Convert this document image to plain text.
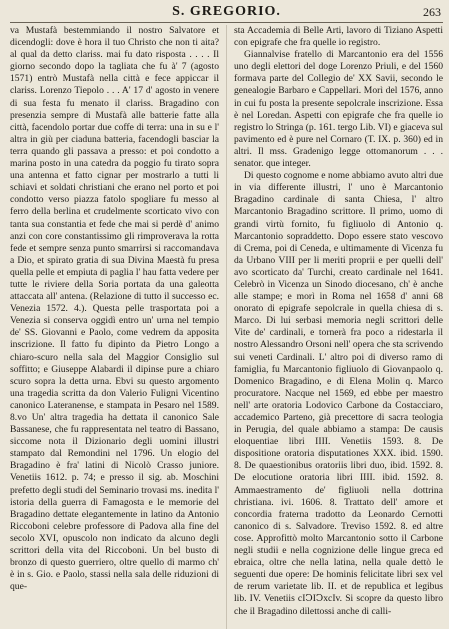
S. GREGORIO.	263

va Mustafà bestemmiando il nostro Salvatore et dicendogli: dove è hora il tuo Christo che non ti aita? al qual da detto clariss. mai fu dato risposta . . . . Il giorno secondo dopo la tagliata che fu à' 7 (agosto 1571) entrò Mustafà nella città e fece appiccar il clariss. Lorenzo Tiepolo . . . A' 17 d' agosto in venere di sua festa fu menato il clariss. Bragadino con presenzia sempre di Mustafà alle batterie fatte alla città, facendolo portar due coffe di terra: una in su e l' altra in giù per ciaduna batteria, facendogli basciar la terra quando gli passava a presso: et poi condotto a marina posto in una catedra da poggio fu tirato sopra una antenna et fatto cignar per mostrarlo a tutti li schiavi et soldati christiani che erano nel porto et poi condotto verso piazza fatolo spogliare fu messo al ferro della berlina et crudelmente scorticato vivo con tanta sua constantia et fede che mai si perdè d' animo anzi con core constantissimo gli rimproverava la rotta fede et sempre senza punto smarrirsi si raccomandava a Dio, et spirato gratia di sua Divina Maestà fu presa quella pelle et empiuta di paglia l' hau fatta vedere per tutte le riviere della Soria portata da una galeotta attaccata all' antena. (Relazione di tutto il successo ec. Venezia 1572. 4.). Questa pelle trasportata poi a Venezia si conserva oggidì entro un' urna nel tempio de' SS. Giovanni e Paolo, come vedrem da apposita inscrizione. Il fatto fu dipinto da Pietro Longo a chiaro-scuro nella sala del Maggior Consiglio sul soffitto; e Giuseppe Alabardi il dipinse pure a chiaro scuro sopra la detta urna. Ebvi su questo argomento una tragedia scritta da don Valerio Fuligni Vicentino canonico Lateranense, e stampata in Pesaro nel 1589. 8.vo Un' altra tragedia ha dettata il canonico Sale Bassanese, che fu rappresentata nel teatro di Bassano, siccome nota il Dizionario degli uomini illustri stampato dal Remondini nel 1796. Un elogio del Bragadino è fra' latini di Nicolò Crasso juniore. Venetiis 1612. p. 74; e presso il sig. ab. Moschini prefetto degli studi del Seminario trovasi ms. inedita l' istoria della guerra di Famagosta e le memorie del Bragadino dettate elegantemente in latino da Antonio Riccoboni celebre professore di Padova alla fine del secolo XVI, opuscolo non indicato da alcuno degli scrittori della vita del Riccoboni. Un bel busto di bronzo di questo guerriero, oltre quello di marmo ch' è in s. Gio. e Paolo, stassi nella sala delle riduzioni di que-

sta Accademia di Belle Arti, lavoro di Tiziano Aspetti con epigrafe che fra quelle io registro.

Giannalvise fratello di Marcantonio era del 1556 uno degli elettori del doge Lorenzo Priuli, e del 1560 formava parte del Collegio de' XX Savii, secondo le genealogie Barbaro e Cappellari. Morì del 1576, anno in cui fu posta la presente sepolcrale inscrizione. Essa è nel Loredan. Aspetti con epigrafe che fra quelle io registro lo Stringa (p. 161. tergo Lib. VI) e giaceva sul pavimento ed è pure nel Cornaro (T. IX. p. 360) ed in altri. Il mss. Gradenigo legge ottomanorum . . . senator. que integer.

Di questo cognome e nome abbiamo avuto altri due in via differente illustri, l' uno è Marcantonio Bragadino cardinale di santa Chiesa, l' altro Marcantonio Bragadino scrittore. Il primo, uomo di grandi virtù fornito, fu figliuolo di Antonio q. Marcantonio sopraddetto. Dopo essere stato vescovo di Crema, poi di Ceneda, e ultimamente di Vicenza fu da Urbano VIII per li meriti proprii e per quelli dell' avo scorticato da' Turchi, creato cardinale nel 1641. Celebrò in Vicenza un Sinodo diocesano, ch' è anche alle stampe; e morì in Roma nel 1658 d' anni 68 onorato di epigrafe sepolcrale in quella chiesa di s. Marco. Di lui serbasi memoria negli scrittori delle Vite de' cardinali, e tornerà fra poco a ridestarla il nostro Alessandro Orsoni nell' opera che sta scrivendo sui veneti Cardinali. L' altro poi di diverso ramo di famiglia, fu Marcantonio figliuolo di Giovanpaolo q. Domenico Bragadino, e di Elena Molin q. Marco procuratore. Nacque nel 1569, ed ebbe per maestro nell' arte oratoria Lodovico Carbone da Costacciaro, accademico Parteno, già precettore di sacra teologia in Perugia, del quale abbiamo a stampa: De causis eloquentiae libri IIII. Venetiis 1593. 8. De dispositione oratoria disputationes XXX. ibid. 1590. 8. De quaestionibus oratoriis libri duo, ibid. 1592. 8. De elocutione oratoria libri IIII. ibid. 1592. 8. Ammaestramento de' figliuoli nella dottrina christiana. ivi. 1606. 8. Trattato dell' amore et concordia fraterna tradotto da Leonardo Cernotti canonico di s. Salvadore. Treviso 1592. 8. ed altre cose. Approfittò molto Marcantonio sotto il Carbone negli studii e nella cognizione delle lingue greca ed ebraica, oltre che nella latina, nella quale dettò le seguenti due opere: De hominis felicitate libri sex vel de rerum varietate lib. II. et de republica et legibus lib. IV. Venetiis cIↃIↃxcIv. Si scopre da questo libro che il Bragadino dilettossi anche di calli-
